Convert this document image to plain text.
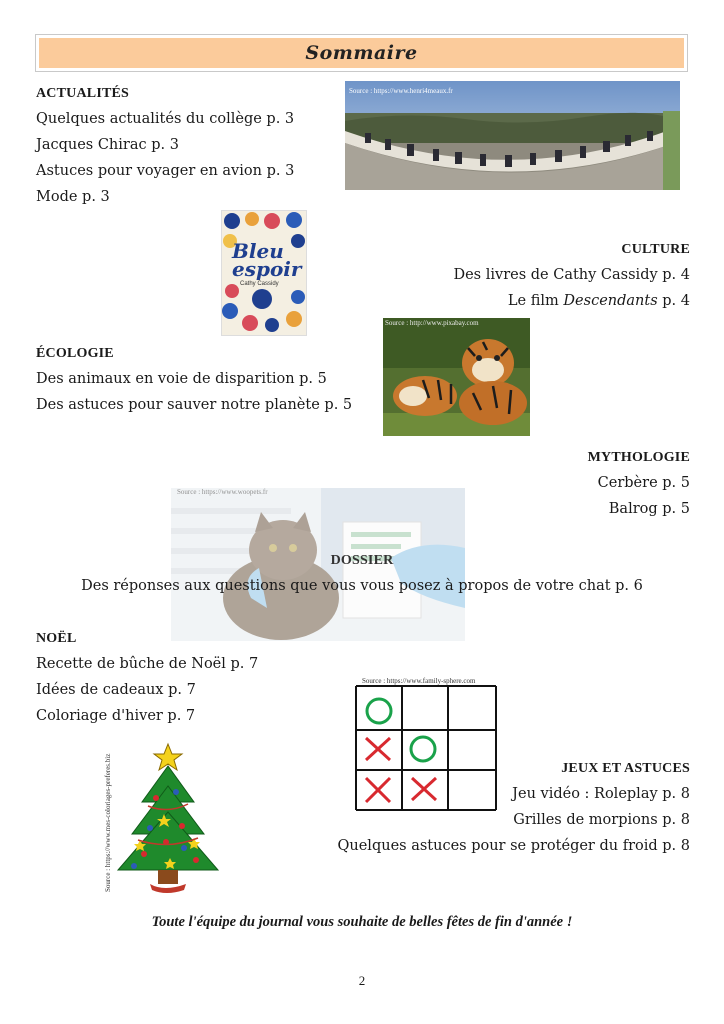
Sommaire
ACTUALITÉS
Quelques actualités du collège p. 3
Jacques Chirac p. 3
Astuces pour voyager en avion p. 3
Mode p. 3
Source : https://www.henri4meaux.fr
Bleu
espoir
Cathy Cassidy
CULTURE
Des livres de Cathy Cassidy p. 4
Le film Descendants p. 4
Source : http://www.pixabay.com
ÉCOLOGIE
Des animaux en voie de disparition p. 5
Des astuces pour sauver notre planète p. 5
MYTHOLOGIE
Cerbère p. 5
Balrog p. 5
Source : https://www.woopets.fr
DOSSIER
Des réponses aux questions que vous vous posez à propos de votre chat p. 6
NOËL
Recette de bûche de Noël p. 7
Idées de cadeaux p. 7
Coloriage d'hiver p. 7
Source : https://www.family-sphere.com
Source : https://www.mes-coloriages-preferes.biz	JEUX ET ASTUCES
Jeu vidéo : Roleplay p. 8
Grilles de morpions p. 8
Quelques astuces pour se protéger du froid p. 8
Toute l'équipe du journal vous souhaite de belles fêtes de fin d'année !
2
